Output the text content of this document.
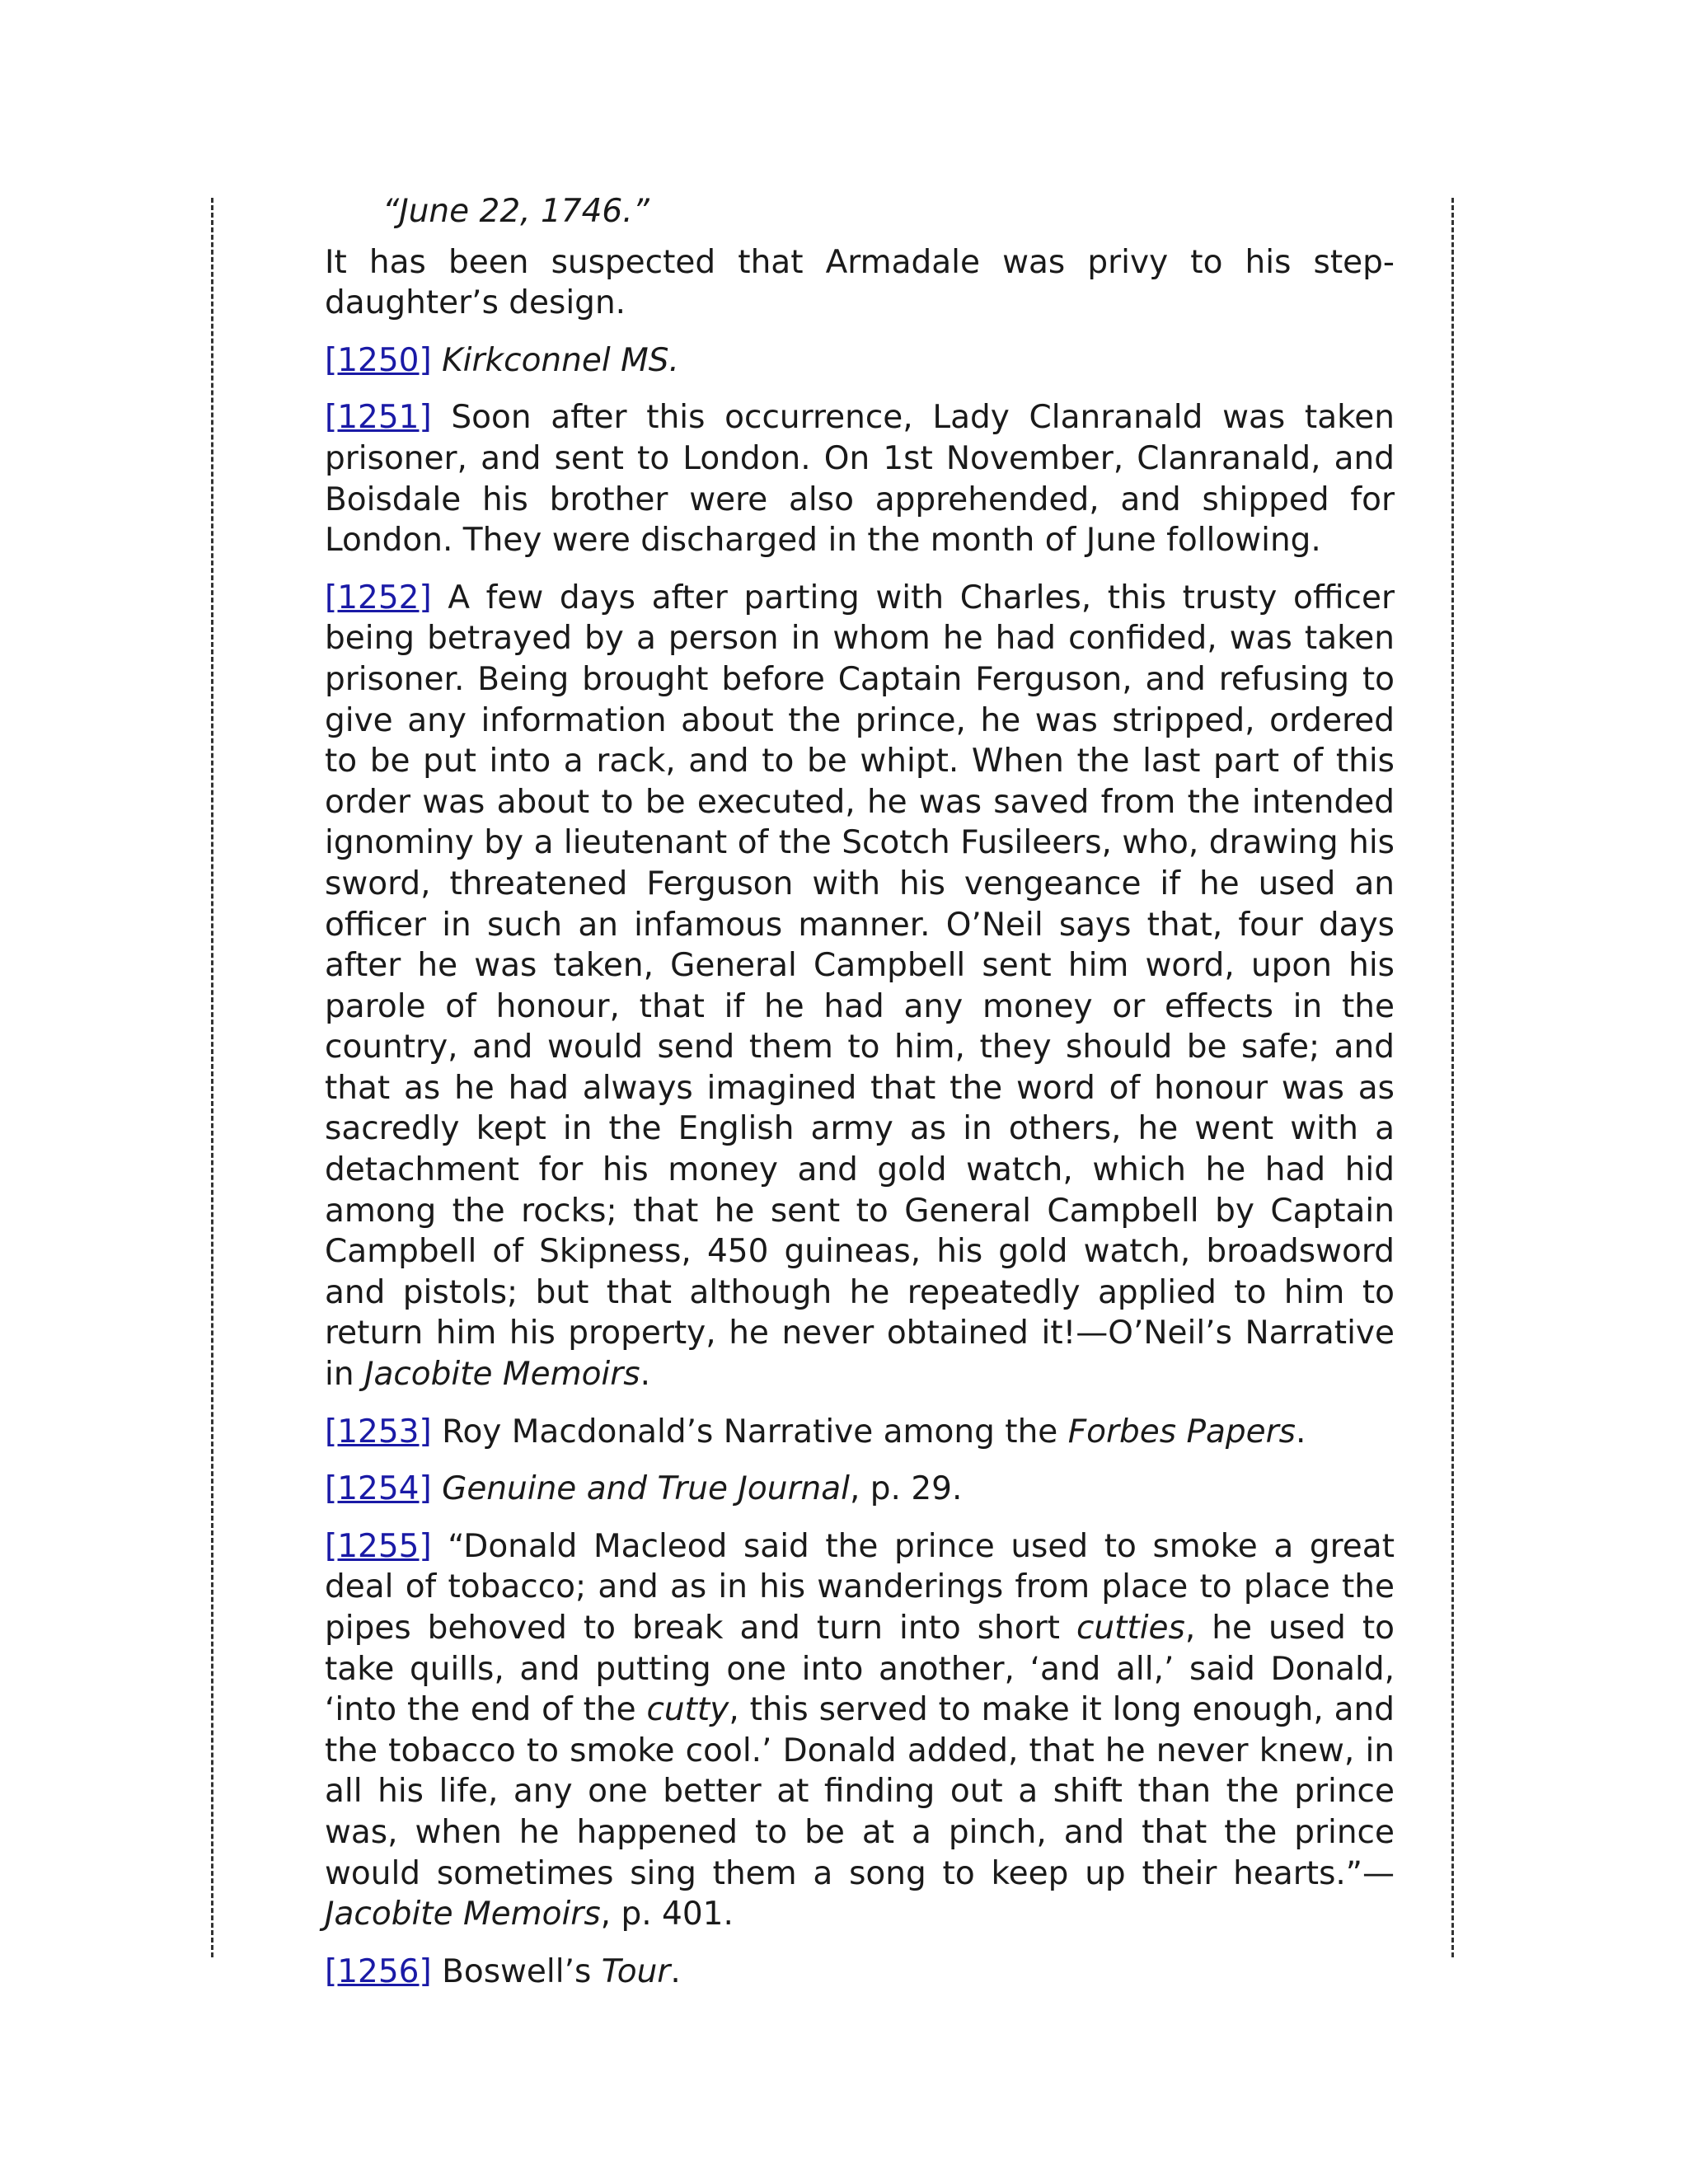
“June 22, 1746.”

It has been suspected that Armadale was privy to his step-daughter’s design.

[1250] Kirkconnel MS.

[1251] Soon after this occurrence, Lady Clanranald was taken prisoner, and sent to London. On 1st November, Clanranald, and Boisdale his brother were also apprehended, and shipped for London. They were discharged in the month of June following.

[1252] A few days after parting with Charles, this trusty officer being betrayed by a person in whom he had confided, was taken prisoner. Being brought before Captain Ferguson, and refusing to give any information about the prince, he was stripped, ordered to be put into a rack, and to be whipt. When the last part of this order was about to be executed, he was saved from the intended ignominy by a lieutenant of the Scotch Fusileers, who, drawing his sword, threatened Ferguson with his vengeance if he used an officer in such an infamous manner. O’Neil says that, four days after he was taken, General Campbell sent him word, upon his parole of honour, that if he had any money or effects in the country, and would send them to him, they should be safe; and that as he had always imagined that the word of honour was as sacredly kept in the English army as in others, he went with a detachment for his money and gold watch, which he had hid among the rocks; that he sent to General Campbell by Captain Campbell of Skipness, 450 guineas, his gold watch, broadsword and pistols; but that although he repeatedly applied to him to return him his property, he never obtained it!—O’Neil’s Narrative in Jacobite Memoirs.

[1253] Roy Macdonald’s Narrative among the Forbes Papers.

[1254] Genuine and True Journal, p. 29.

[1255] “Donald Macleod said the prince used to smoke a great deal of tobacco; and as in his wanderings from place to place the pipes behoved to break and turn into short cutties, he used to take quills, and putting one into another, ‘and all,’ said Donald, ‘into the end of the cutty, this served to make it long enough, and the tobacco to smoke cool.’ Donald added, that he never knew, in all his life, any one better at finding out a shift than the prince was, when he happened to be at a pinch, and that the prince would sometimes sing them a song to keep up their hearts.”—Jacobite Memoirs, p. 401.

[1256] Boswell’s Tour.
